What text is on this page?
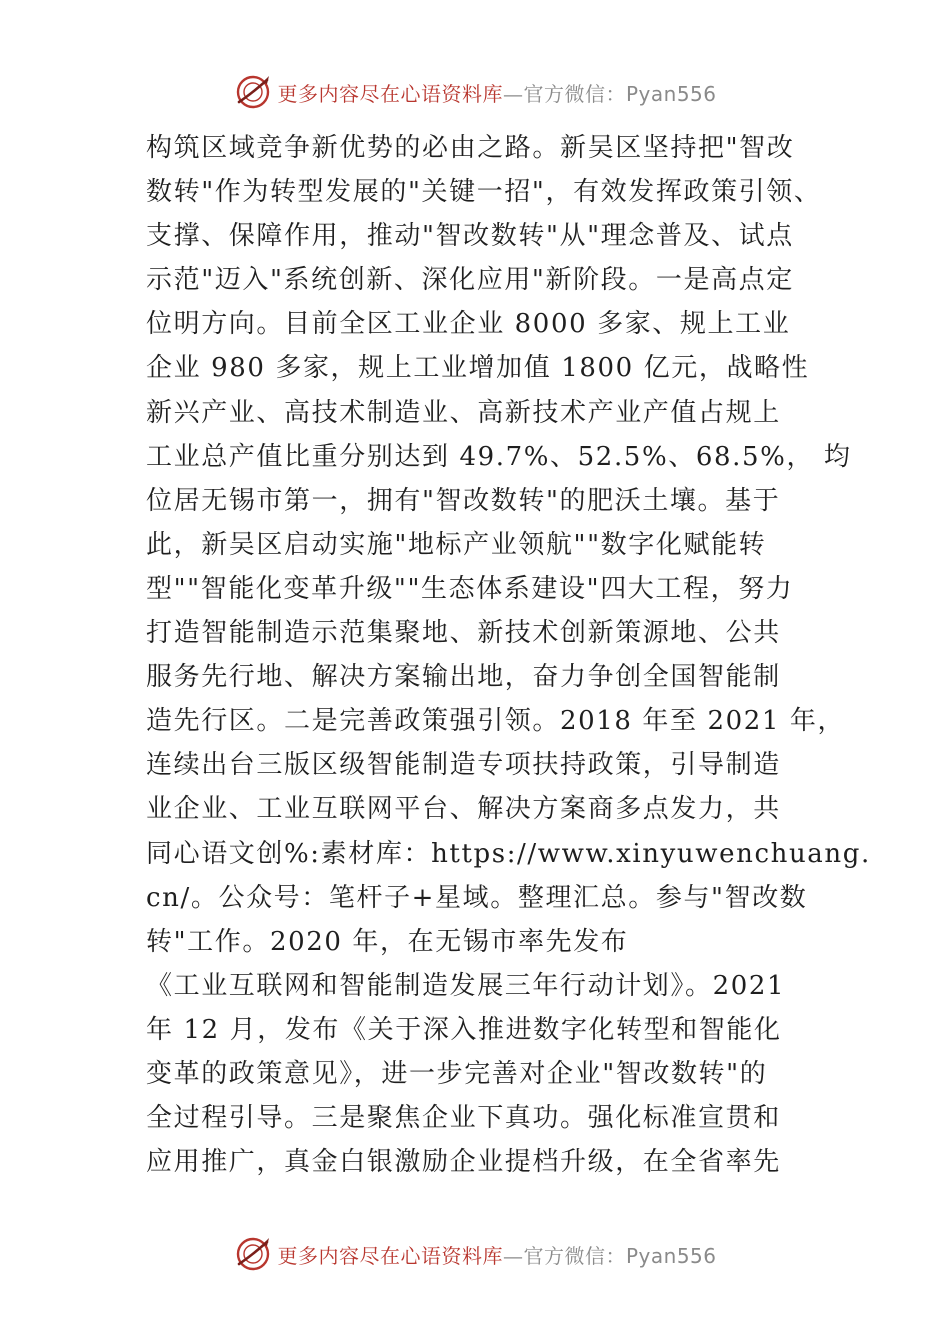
更多内容尽在心语资料库—官方微信：Pyan556
构筑区域竞争新优势的必由之路。新吴区坚持把"智改
数转"作为转型发展的"关键一招"，有效发挥政策引领、
支撑、保障作用，推动"智改数转"从"理念普及、试点
示范"迈入"系统创新、深化应用"新阶段。一是高点定
位明方向。目前全区工业企业 8000 多家、规上工业
企业 980 多家，规上工业增加值 1800 亿元，战略性
新兴产业、高技术制造业、高新技术产业产值占规上
工业总产值比重分别达到 49.7%、52.5%、68.5%， 均
位居无锡市第一，拥有"智改数转"的肥沃土壤。基于
此，新吴区启动实施"地标产业领航""数字化赋能转
型""智能化变革升级""生态体系建设"四大工程，努力
打造智能制造示范集聚地、新技术创新策源地、公共
服务先行地、解决方案输出地，奋力争创全国智能制
造先行区。二是完善政策强引领。2018 年至 2021 年，
连续出台三版区级智能制造专项扶持政策，引导制造
业企业、工业互联网平台、解决方案商多点发力，共
同心语文创%:素材库：https://www.xinyuwenchuang.
cn/。公众号：笔杆子+星域。整理汇总。参与"智改数
转"工作。2020 年，在无锡市率先发布
《工业互联网和智能制造发展三年行动计划》。2021
年 12 月，发布《关于深入推进数字化转型和智能化
变革的政策意见》，进一步完善对企业"智改数转"的
全过程引导。三是聚焦企业下真功。强化标准宣贯和
应用推广，真金白银激励企业提档升级，在全省率先
更多内容尽在心语资料库—官方微信：Pyan556
